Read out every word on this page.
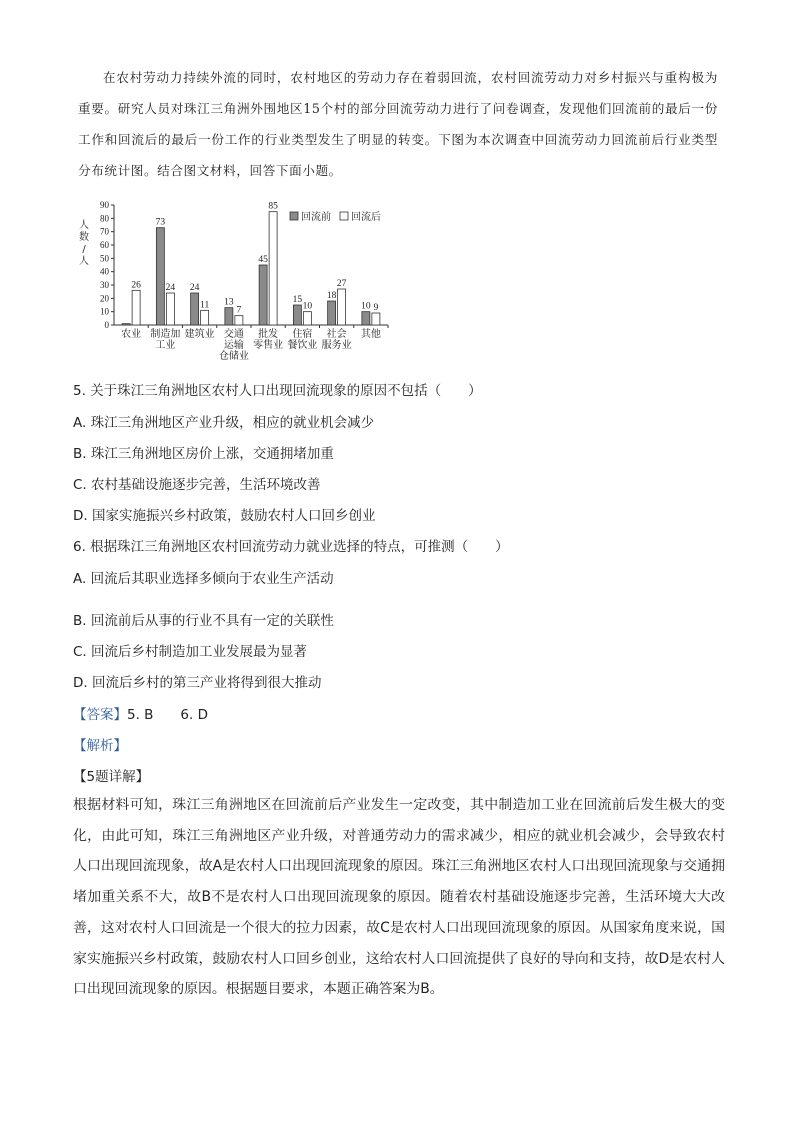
在农村劳动力持续外流的同时，农村地区的劳动力存在着弱回流，农村回流劳动力对乡村振兴与重构极为重要。研究人员对珠江三角洲外围地区15个村的部分回流劳动力进行了问卷调查，发现他们回流前的最后一份工作和回流后的最后一份工作的行业类型发生了明显的转变。下图为本次调查中回流劳动力回流前后行业类型分布统计图。结合图文材料，回答下面小题。
0
10
20
30
40
50
60
70
80
90
人
数
/
人
26
农业
73
24
制造加
工业
24
11
建筑业
13
7
交通
运输
仓储业
45
85
批发
零售业
15
10
住宿
餐饮业
18
27
社会
服务业
10 9
其他
回流前 回流后
5. 关于珠江三角洲地区农村人口出现回流现象的原因不包括（　　）
A. 珠江三角洲地区产业升级，相应的就业机会减少
B. 珠江三角洲地区房价上涨，交通拥堵加重
C. 农村基础设施逐步完善，生活环境改善
D. 国家实施振兴乡村政策，鼓励农村人口回乡创业
6. 根据珠江三角洲地区农村回流劳动力就业选择的特点，可推测（　　）
A. 回流后其职业选择多倾向于农业生产活动
B. 回流前后从事的行业不具有一定的关联性
C. 回流后乡村制造加工业发展最为显著
D. 回流后乡村的第三产业将得到很大推动
【答案】5. B　　6. D
【解析】
【5题详解】
根据材料可知，珠江三角洲地区在回流前后产业发生一定改变，其中制造加工业在回流前后发生极大的变化，由此可知，珠江三角洲地区产业升级，对普通劳动力的需求减少，相应的就业机会减少，会导致农村人口出现回流现象，故A是农村人口出现回流现象的原因。珠江三角洲地区农村人口出现回流现象与交通拥堵加重关系不大，故B不是农村人口出现回流现象的原因。随着农村基础设施逐步完善，生活环境大大改善，这对农村人口回流是一个很大的拉力因素，故C是农村人口出现回流现象的原因。从国家角度来说，国家实施振兴乡村政策，鼓励农村人口回乡创业，这给农村人口回流提供了良好的导向和支持，故D是农村人口出现回流现象的原因。根据题目要求，本题正确答案为B。
